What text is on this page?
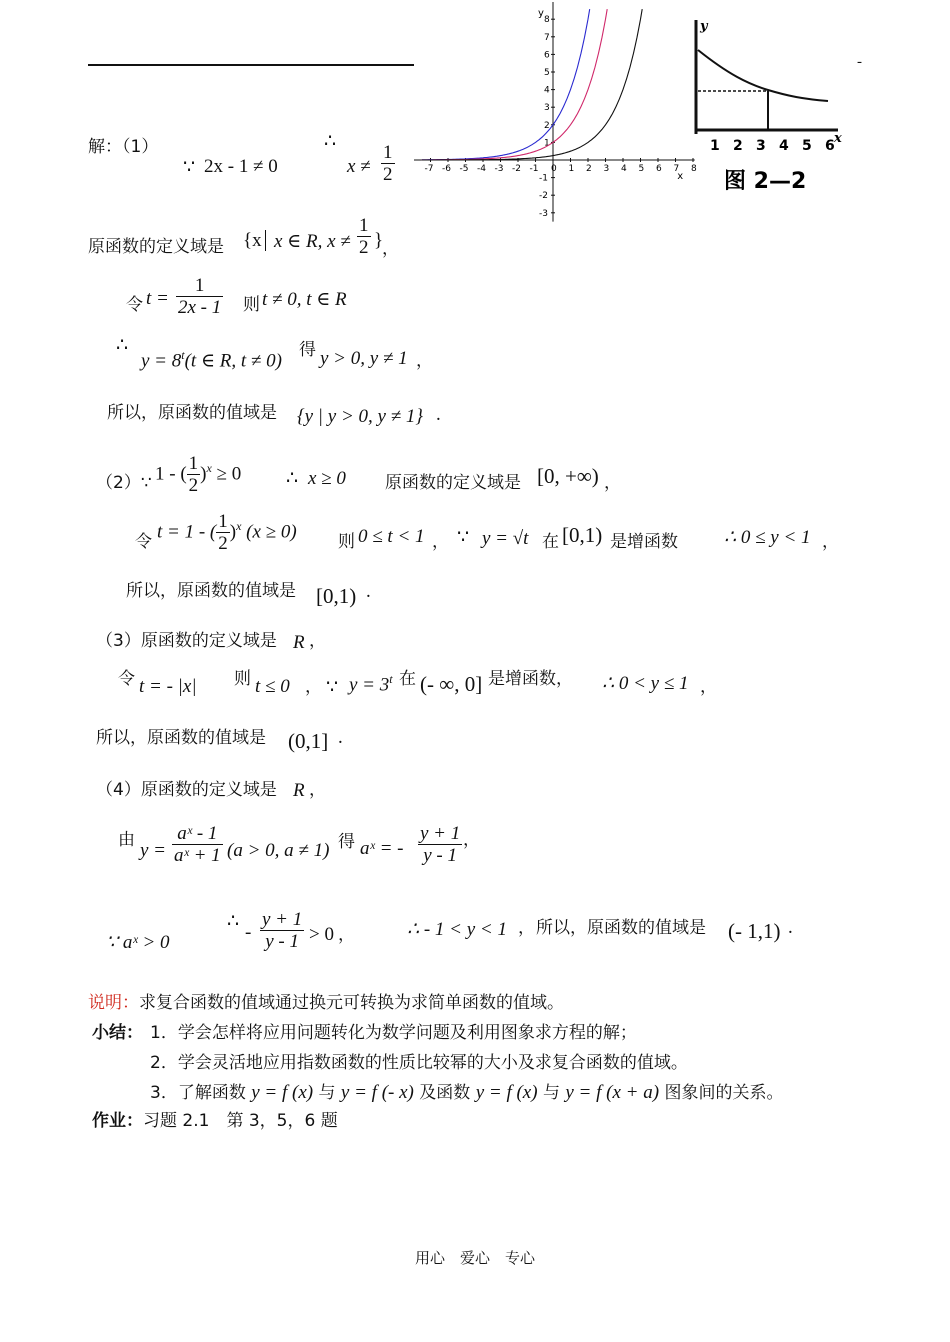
-
-7 -6 -5 -4 -3 -2 -1 0 1 2 3 4 5 6 7 8
8
7
6
5
4
3
2
1
-1
-2
-3
x
y
y
x
1 2 3 4 5 6
图 2—2
解：（1）
∵ 2x - 1 ≠ 0
∴
$x \ne \frac{1}{2}$
原函数的定义域是 {x x ∈ R, $x \ne \frac{1}{2}$ }
，
令 $t = \frac{1}{2x - 1}$ 则 t ≠ 0, t ∈ R
∴
$y = 8^t(t$ ∈ R, t ≠ 0)
得 y > 0, y ≠ 1 ，
所以，原函数的值域是 {y | y > 0, y ≠ 1} .
（2）∵ 1 - ( $\frac{1}{2} )^x \ge 0$ ∴ x ≥ 0 原函数的定义域是 [0, +∞) ，
令 t = 1 - ( $\frac{1}{2} )^x$ (x ≥ 0) 则 0 ≤ t < 1 ， ∵ y = √t 在 [0,1) 是增函数 ∴ 0 ≤ y < 1 ，
所以，原函数的值域是 [0,1) .
（3）原函数的定义域是 R ，
令 t = - |x| 则 t ≤ 0 ， ∵ $y = 3^t$ 在 (- ∞, 0] 是增函数， ∴ 0 < y ≤ 1 ，
所以，原函数的值域是 (0,1] .
（4）原函数的定义域是 R ，
由 $y = \frac{\text{aˣ - 1}}{\text{aˣ + 1}} (a > 0$, a ≠ 1) 得 aˣ = - $\frac{y + 1}{y - 1}$ ，
∵ aˣ > 0
∴
- $\frac{y + 1}{y - 1} > 0$ ，	∴ - 1 < y < 1 ， 所以，原函数的值域是 (- 1,1) .
说明：求复合函数的值域通过换元可转换为求简单函数的值域。
小结： 1．学会怎样将应用问题转化为数学问题及利用图象求方程的解；
2．学会灵活地应用指数函数的性质比较幂的大小及求复合函数的值域。
3．了解函数 y = f (x) 与 y = f (- x) 及函数 y = f (x) 与 y = f (x + a) 图象间的关系。
作业：习题 2.1　第 3，5，6 题
用心　爱心　专心
